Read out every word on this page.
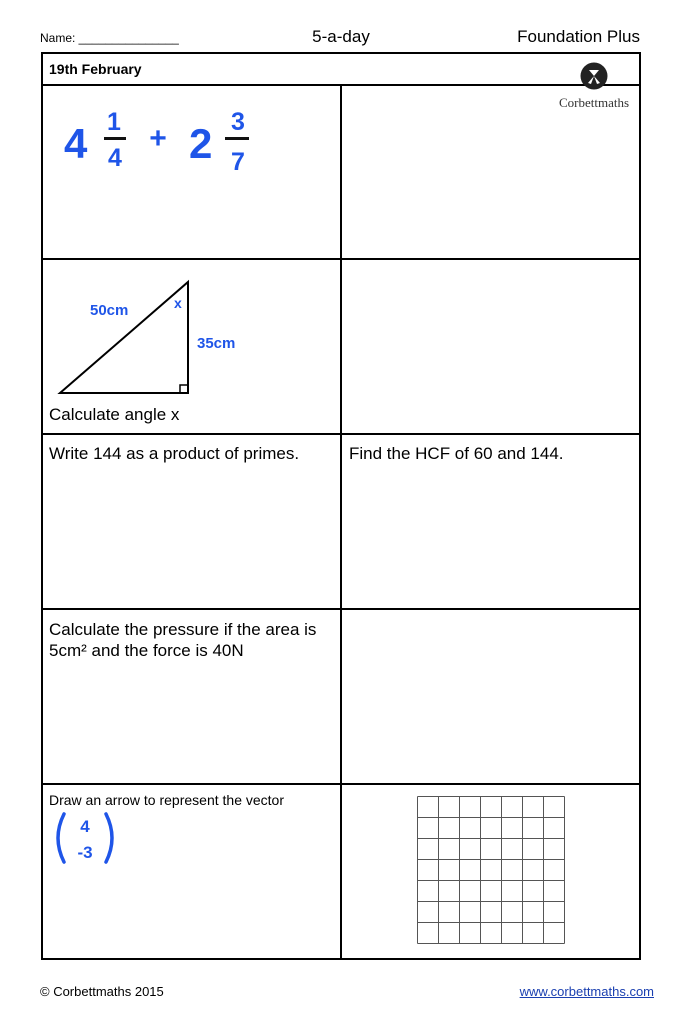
Name: _______________	5-a-day	Foundation Plus
19th February
Corbettmaths
4 1
4
+ 2 3
7
50cm
35cm
x
Calculate angle x
Write 144 as a product of primes.	Find the HCF of 60 and 144.
Calculate the pressure if the area is
5cm² and the force is 40N
Draw an arrow to represent the vector
4
-3
© Corbettmaths 2015	www.corbettmaths.com
